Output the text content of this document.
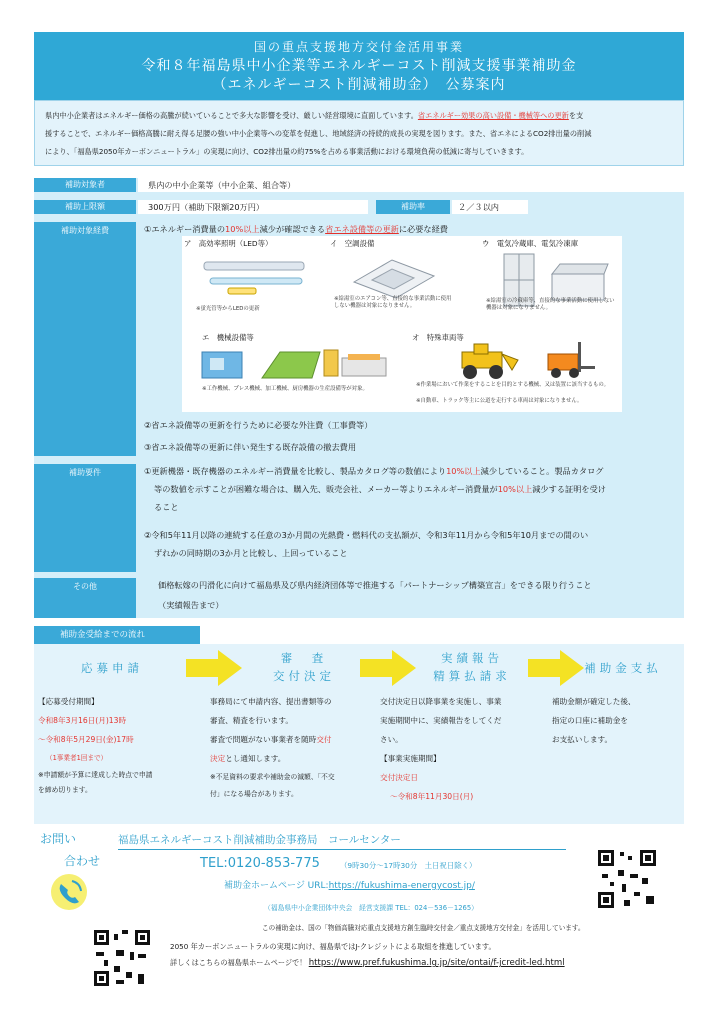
国の重点支援地方交付金活用事業
令和８年福島県中小企業等エネルギーコスト削減支援事業補助金
（エネルギーコスト削減補助金）　公募案内
県内中小企業者はエネルギー価格の高騰が続いていることで多大な影響を受け、厳しい経営環境に直面しています。省エネルギー効果の高い設備・機械等への更新を支
援することで、エネルギー価格高騰に耐え得る足腰の強い中小企業等への変革を促進し、地域経済の持続的成長の実現を図ります。また、省エネによるCO2排出量の削減
により、「福島県2050年カーボンニュートラル」の実現に向け、CO2排出量の約75%を占める事業活動における環境負荷の低減に寄与していきます。
補助対象者	県内の中小企業等（中小企業、組合等）
補助上限額	300万円（補助下限額20万円）	補助率	２／３以内
補助対象経費	①エネルギー消費量の10%以上減少が確認できる省エネ設備等の更新に必要な経費
②省エネ設備等の更新を行うために必要な外注費（工事費等）
③省エネ設備等の更新に伴い発生する既存設備の撤去費用
補助要件	①更新機器・既存機器のエネルギー消費量を比較し、製品カタログ等の数値により10%以上減少していること。製品カタログ
等の数値を示すことが困難な場合は、購入先、販売会社、メーカー等よりエネルギー消費量が10%以上減少する証明を受け
ること
②令和5年11月以降の連続する任意の3か月間の光熱費・燃料代の支払額が、令和3年11月から令和5年10月までの間のい
ずれかの同時期の3か月と比較し、上回っていること
その他	価格転嫁の円滑化に向けて福島県及び県内経済団体等で推進する「パートナーシップ構築宣言」をできる限り行うこと
（実績報告まで）
ア　高効率照明（LED等）
※蛍光管等からLEDの更新
イ　空調設備
※給湯室のエアコン等、直接的な事業活動に使用しない機器は対象になりません。
ウ　電気冷蔵庫、電気冷凍庫
※給湯室の冷蔵庫等、直接的な事業活動に使用しない機器は対象になりません。
エ　機械設備等
※工作機械、プレス機械、加工機械、厨房機器の生産設備等が対象。
オ　特殊車両等
※作業場において作業をすることを目的とする機械、又は装置に該当するもの。
※自動車、トラック等主に公道を走行する車両は対象になりません。
補助金受給までの流れ
応募申請
審　査
交付決定
実績報告
精算払請求
補助金支払
【応募受付期間】
令和8年3月16日(月)13時
～令和8年5月29日(金)17時
（1事業者1回まで）
※申請額が予算に達成した時点で申請
を締め切ります。
事務局にて申請内容、提出書類等の
審査、精査を行います。
審査で問題がない事業者を随時交付
決定とし通知します。
※不足資料の要求や補助金の減額、「不交
付」になる場合があります。
交付決定日以降事業を実施し、事業
実施期間中に、実績報告をしてくだ
さい。
【事業実施期間】
交付決定日
～令和8年11月30日(月)
補助金額が確定した後、
指定の口座に補助金を
お支払いします。
お問い
合わせ
福島県エネルギーコスト削減補助金事務局　コールセンター
TEL:0120-853-775	（9時30分～17時30分　土日祝日除く）
補助金ホームページ URL:https://fukushima-energycost.jp/
（福島県中小企業団体中央会　経営支援課 TEL：024－536－1265）
この補助金は、国の「物価高騰対応重点支援地方創生臨時交付金／重点支援地方交付金」を活用しています。
2050 年カーボンニュートラルの実現に向け、福島県ではJ-クレジットによる取組を推進しています。
詳しくはこちらの福島県ホームページで！ https://www.pref.fukushima.lg.jp/site/ontai/f-jcredit-led.html
